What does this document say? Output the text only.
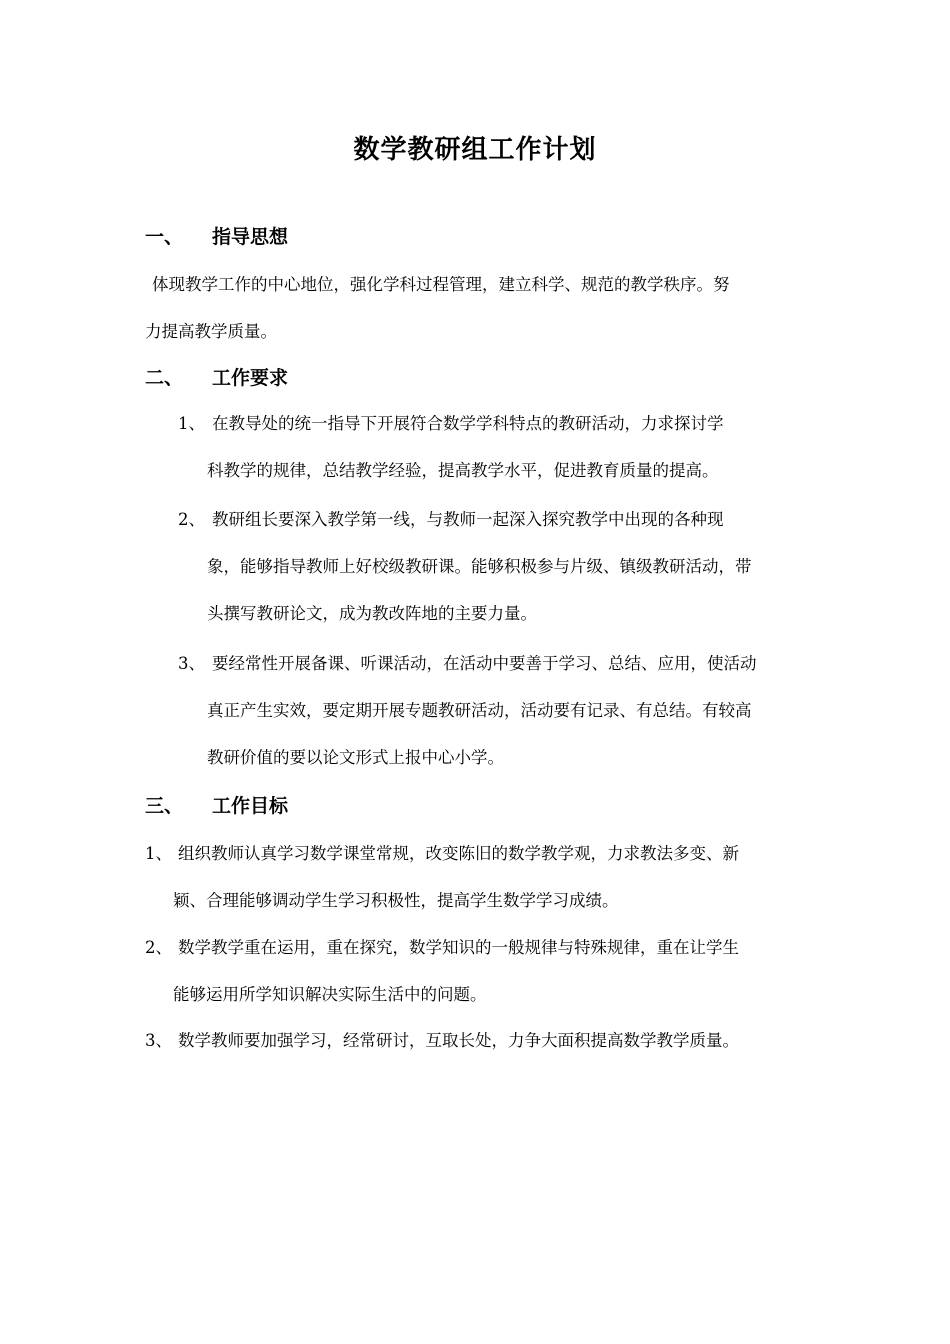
数学教研组工作计划
一、 指导思想
体现教学工作的中心地位，强化学科过程管理，建立科学、规范的教学秩序。努
力提高教学质量。
二、 工作要求
1、 在教导处的统一指导下开展符合数学学科特点的教研活动，力求探讨学
科教学的规律，总结教学经验，提高教学水平，促进教育质量的提高。
2、 教研组长要深入教学第一线，与教师一起深入探究教学中出现的各种现
象，能够指导教师上好校级教研课。能够积极参与片级、镇级教研活动，带
头撰写教研论文，成为教改阵地的主要力量。
3、 要经常性开展备课、听课活动，在活动中要善于学习、总结、应用，使活动
真正产生实效，要定期开展专题教研活动，活动要有记录、有总结。有较高
教研价值的要以论文形式上报中心小学。
三、 工作目标
1、 组织教师认真学习数学课堂常规，改变陈旧的数学教学观，力求教法多变、新
颖、合理能够调动学生学习积极性，提高学生数学学习成绩。
2、 数学教学重在运用，重在探究，数学知识的一般规律与特殊规律，重在让学生
能够运用所学知识解决实际生活中的问题。
3、 数学教师要加强学习，经常研讨，互取长处，力争大面积提高数学教学质量。
